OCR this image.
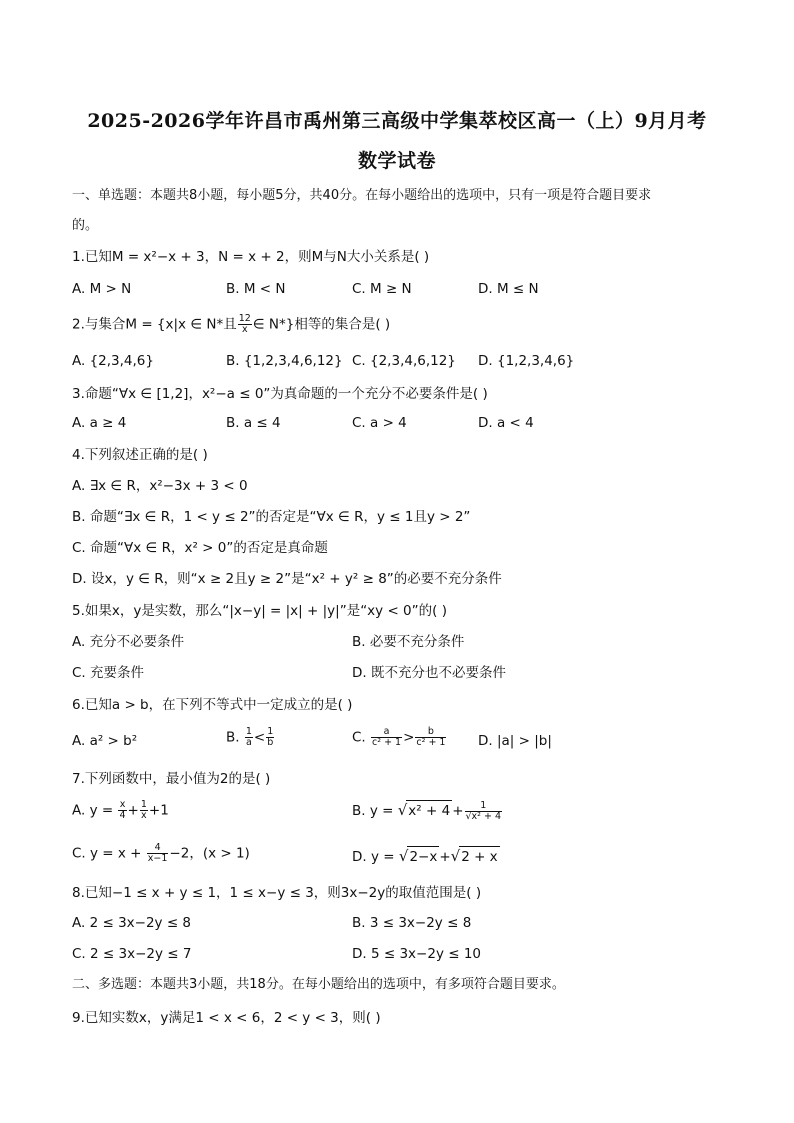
2025-2026学年许昌市禹州第三高级中学集萃校区高一（上）9月月考
数学试卷
一、单选题：本题共8小题，每小题5分，共40分。在每小题给出的选项中，只有一项是符合题目要求
的。
1.已知M = x²−x + 3，N = x + 2，则M与N大小关系是( )
A. M > N	B. M < N	C. M ≥ N	D. M ≤ N
2.与集合M = {x|x ∈ N*且 $\frac{12}{x}$ ∈ N*}相等的集合是( )
A. {2,3,4,6}	B. {1,2,3,4,6,12} C. {2,3,4,6,12} D. {1,2,3,4,6}
3.命题“∀x ∈ [1,2]，x²−a ≤ 0”为真命题的一个充分不必要条件是( )
A. a ≥ 4	B. a ≤ 4	C. a > 4	D. a < 4
4.下列叙述正确的是( )
A. ∃x ∈ R，x²−3x + 3 < 0
B. 命题“∃x ∈ R，1 < y ≤ 2”的否定是“∀x ∈ R，y ≤ 1且y > 2”
C. 命题“∀x ∈ R，x² > 0”的否定是真命题
D. 设x，y ∈ R，则“x ≥ 2且y ≥ 2”是“x² + y² ≥ 8”的必要不充分条件
5.如果x，y是实数，那么“|x−y| = |x| + |y|”是“xy < 0”的( )
A. 充分不必要条件	B. 必要不充分条件
C. 充要条件	D. 既不充分也不必要条件
6.已知a > b，在下列不等式中一定成立的是( )
A. a² > b²	B. $\frac{1}{a} < \frac{1}{b}$	C. $\frac{a}{\text{c² + 1}} > \frac{b}{\text{c² + 1}} D$. |a| > |b|
7.下列函数中，最小值为2的是( )
A. $y = \frac{x}{4} + \frac{1}{x} +1$	B. $y = √x^2 + 4 + \frac{1}{\text{√x² + 4}}$
C. $y = x + \frac{4}{x-1} -2$，(x > 1)	D. y = √2−x +√2 + x
8.已知−1 ≤ x + y ≤ 1，1 ≤ x−y ≤ 3，则3x−2y的取值范围是( )
A. 2 ≤ 3x−2y ≤ 8	B. 3 ≤ 3x−2y ≤ 8
C. 2 ≤ 3x−2y ≤ 7	D. 5 ≤ 3x−2y ≤ 10
二、多选题：本题共3小题，共18分。在每小题给出的选项中，有多项符合题目要求。
9.已知实数x，y满足1 < x < 6，2 < y < 3，则( )
